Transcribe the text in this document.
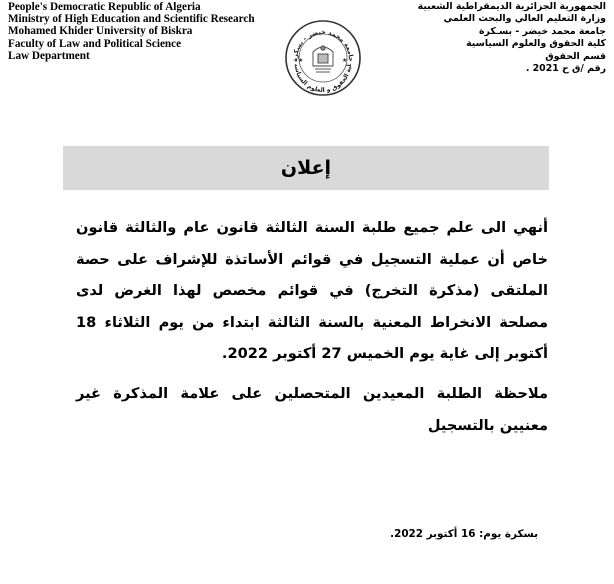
People's Democratic Republic of Algeria
Ministry of High Education and Scientific Research
Mohamed Khider University of Biskra
Faculty of Law and Political Science
Law Department
الجمهورية الجزائرية الديمقراطية الشعبية
وزارة التعليم العالي والبحث العلمي
جامعة محمد خيضر - بسـكرة
كلية الحقوق والعلوم السياسية
قسم الحقوق
رقم /ق ح 2021 .
جامعة محمد خيضر - بسكرة
لية الحقوق و العلوم السياسي
★	★
إعلان

أنهي الى علم جميع طلبة السنة الثالثة قانون عام والثالثة قانون خاص أن عملية التسجيل في قوائم الأساتذة للإشراف على حصة الملتقى (مذكرة التخرج) في قوائم مخصص لهذا الغرض لدى مصلحة الانخراط المعنية بالسنة الثالثة ابتداء من يوم الثلاثاء 18 أكتوبر إلى غاية يوم الخميس 27 أكتوبر 2022.

ملاحظة الطلبة المعيدين المتحصلين على علامة المذكرة غير معنيين بالتسجيل

بسكرة يوم: 16 أكتوبر 2022.
